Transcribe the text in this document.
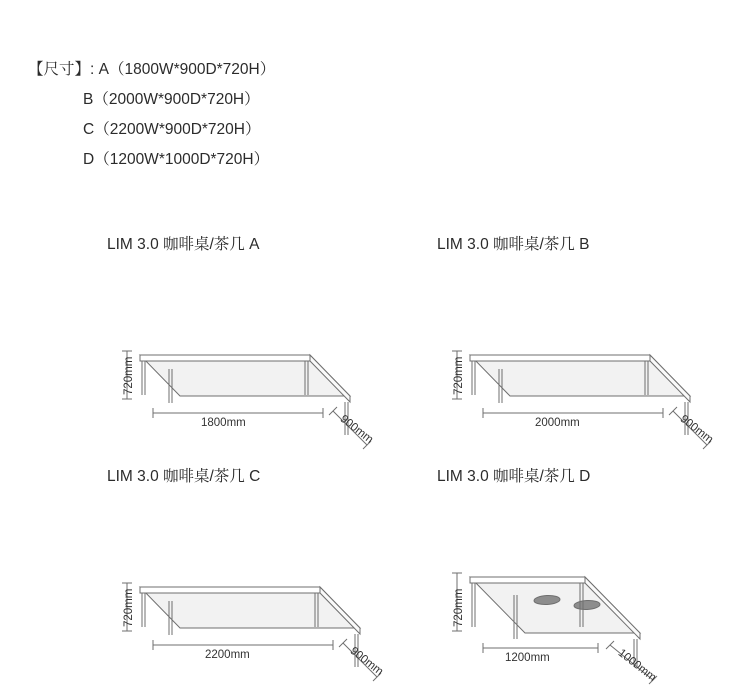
【尺寸】: A（1800W*900D*720H）
B（2000W*900D*720H）
C（2200W*900D*720H）
D（1200W*1000D*720H）
LIM 3.0 咖啡桌/茶几 A
720mm
1800mm	900mm
LIM 3.0 咖啡桌/茶几 B
720mm
2000mm	900mm
LIM 3.0 咖啡桌/茶几 C
720mm
2200mm	900mm
LIM 3.0 咖啡桌/茶几 D
720mm
1200mm	1000mm
